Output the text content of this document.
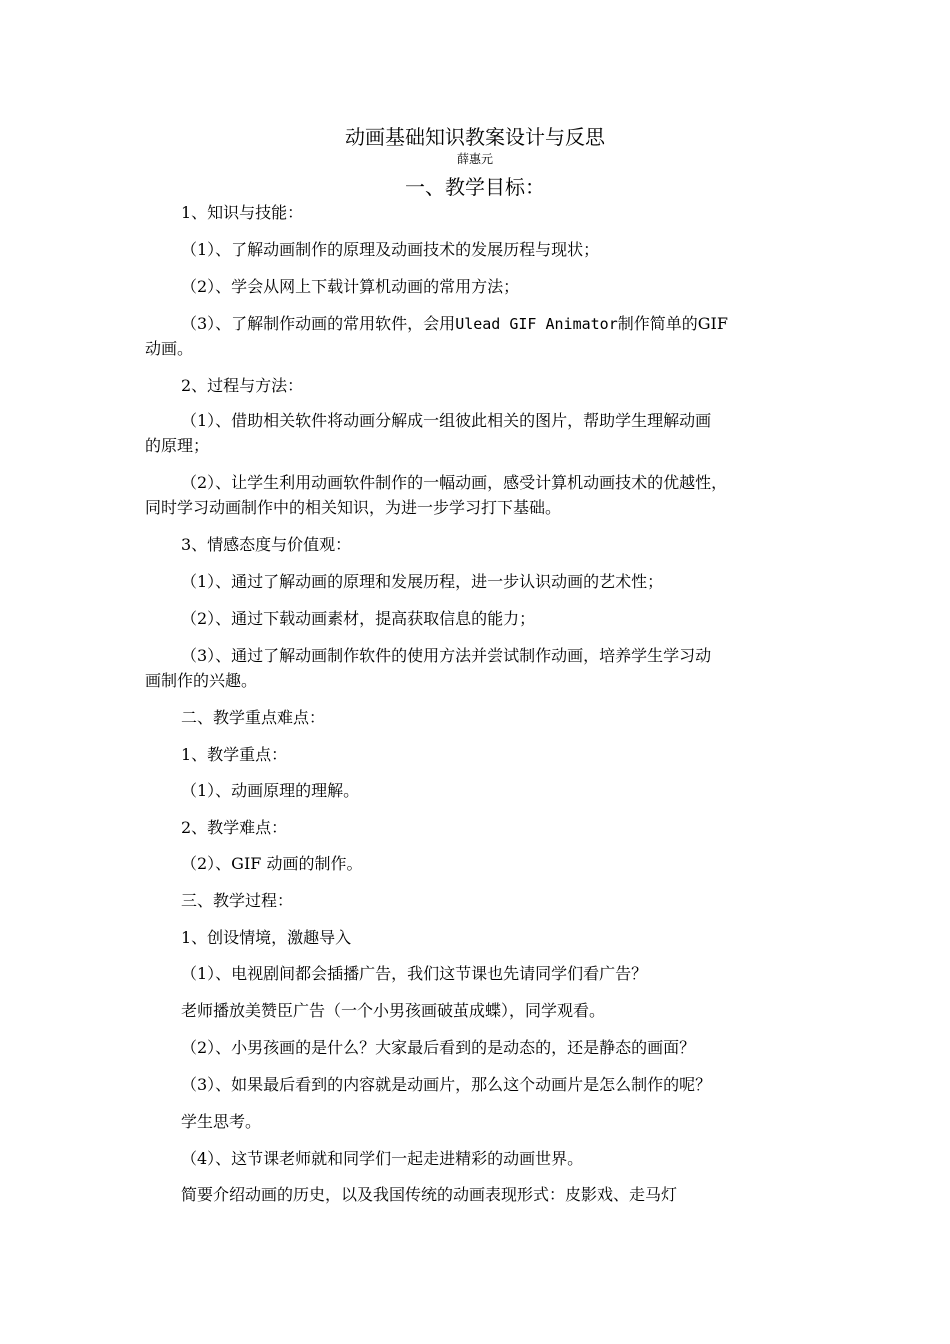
动画基础知识教案设计与反思
薛惠元
一、教学目标：
1、知识与技能：
（1）、了解动画制作的原理及动画技术的发展历程与现状；
（2）、学会从网上下载计算机动画的常用方法；
（3）、了解制作动画的常用软件，会用Ulead GIF Animator制作简单的GIF
动画。
2、过程与方法：
（1）、借助相关软件将动画分解成一组彼此相关的图片，帮助学生理解动画
的原理；
（2）、让学生利用动画软件制作的一幅动画，感受计算机动画技术的优越性，
同时学习动画制作中的相关知识，为进一步学习打下基础。
3、情感态度与价值观：
（1）、通过了解动画的原理和发展历程，进一步认识动画的艺术性；
（2）、通过下载动画素材，提高获取信息的能力；
（3）、通过了解动画制作软件的使用方法并尝试制作动画，培养学生学习动
画制作的兴趣。
二、教学重点难点：
1、教学重点：
（1）、动画原理的理解。
2、教学难点：
（2）、GIF 动画的制作。
三、教学过程：
1、创设情境，激趣导入
（1）、电视剧间都会插播广告，我们这节课也先请同学们看广告？
老师播放美赞臣广告（一个小男孩画破茧成蝶），同学观看。
（2）、小男孩画的是什么？大家最后看到的是动态的，还是静态的画面？
（3）、如果最后看到的内容就是动画片，那么这个动画片是怎么制作的呢？
学生思考。
（4）、这节课老师就和同学们一起走进精彩的动画世界。
简要介绍动画的历史，以及我国传统的动画表现形式：皮影戏、走马灯
